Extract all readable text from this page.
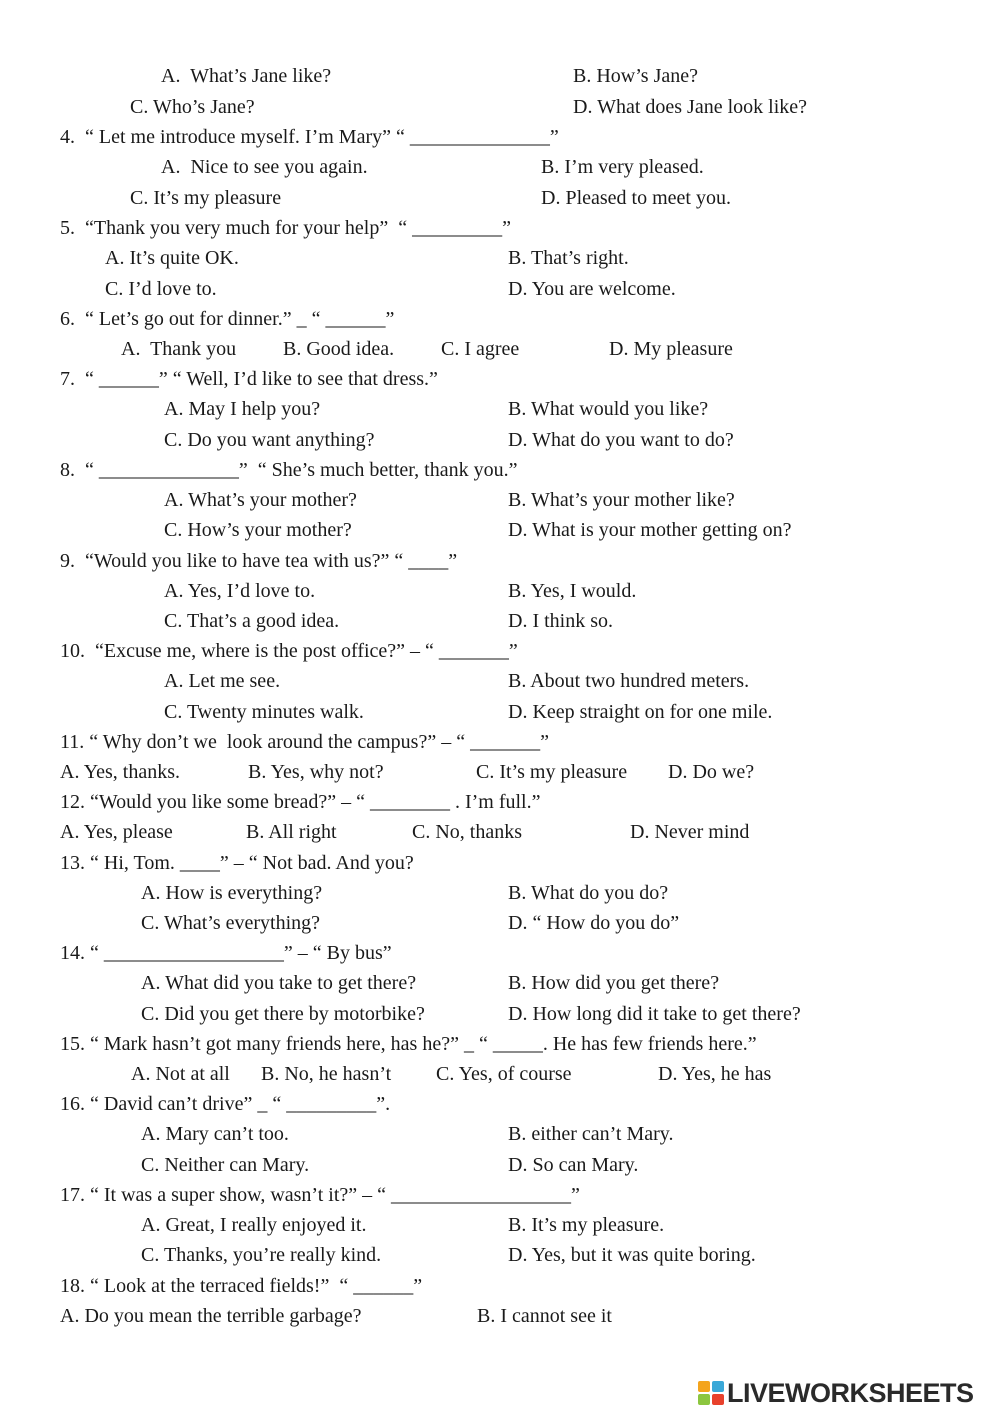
A.  What’s Jane like?	B. How’s Jane?
C. Who’s Jane?	D. What does Jane look like?
4.  “ Let me introduce myself. I’m Mary” “ ______________”
A.  Nice to see you again.	B. I’m very pleased.
C. It’s my pleasure	D. Pleased to meet you.
5.  “Thank you very much for your help”  “ _________”
A. It’s quite OK.	B. That’s right.
C. I’d love to.	D. You are welcome.
6.  “ Let’s go out for dinner.” _ “ ______”
A.  Thank you B. Good idea. C. I agree	D. My pleasure
7.  “ ______” “ Well, I’d like to see that dress.”
A. May I help you?	B. What would you like?
C. Do you want anything?	D. What do you want to do?
8.  “ ______________”  “ She’s much better, thank you.”
A. What’s your mother?	B. What’s your mother like?
C. How’s your mother?	D. What is your mother getting on?
9.  “Would you like to have tea with us?” “ ____”
A. Yes, I’d love to.	B. Yes, I would.
C. That’s a good idea.	D. I think so.
10.  “Excuse me, where is the post office?” – “ _______”
A. Let me see.	B. About two hundred meters.
C. Twenty minutes walk.	D. Keep straight on for one mile.
11. “ Why don’t we  look around the campus?” – “ _______”
A. Yes, thanks.	B. Yes, why not?	C. It’s my pleasure D. Do we?
12. “Would you like some bread?” – “ ________ . I’m full.”
A. Yes, please	B. All right	C. No, thanks	D. Never mind
13. “ Hi, Tom. ____” – “ Not bad. And you?
A. How is everything?	B. What do you do?
C. What’s everything?	D. “ How do you do”
14. “ __________________” – “ By bus”
A. What did you take to get there?	B. How did you get there?
C. Did you get there by motorbike?	D. How long did it take to get there?
15. “ Mark hasn’t got many friends here, has he?” _ “ _____. He has few friends here.”
A. Not at all B. No, he hasn’t C. Yes, of course	D. Yes, he has
16. “ David can’t drive” _ “ _________”.
A. Mary can’t too.	B. either can’t Mary.
C. Neither can Mary.	D. So can Mary.
17. “ It was a super show, wasn’t it?” – “ __________________”
A. Great, I really enjoyed it.	B. It’s my pleasure.
C. Thanks, you’re really kind.	D. Yes, but it was quite boring.
18. “ Look at the terraced fields!”  “ ______”
A. Do you mean the terrible garbage?	B. I cannot see it
LIVEWORKSHEETS
